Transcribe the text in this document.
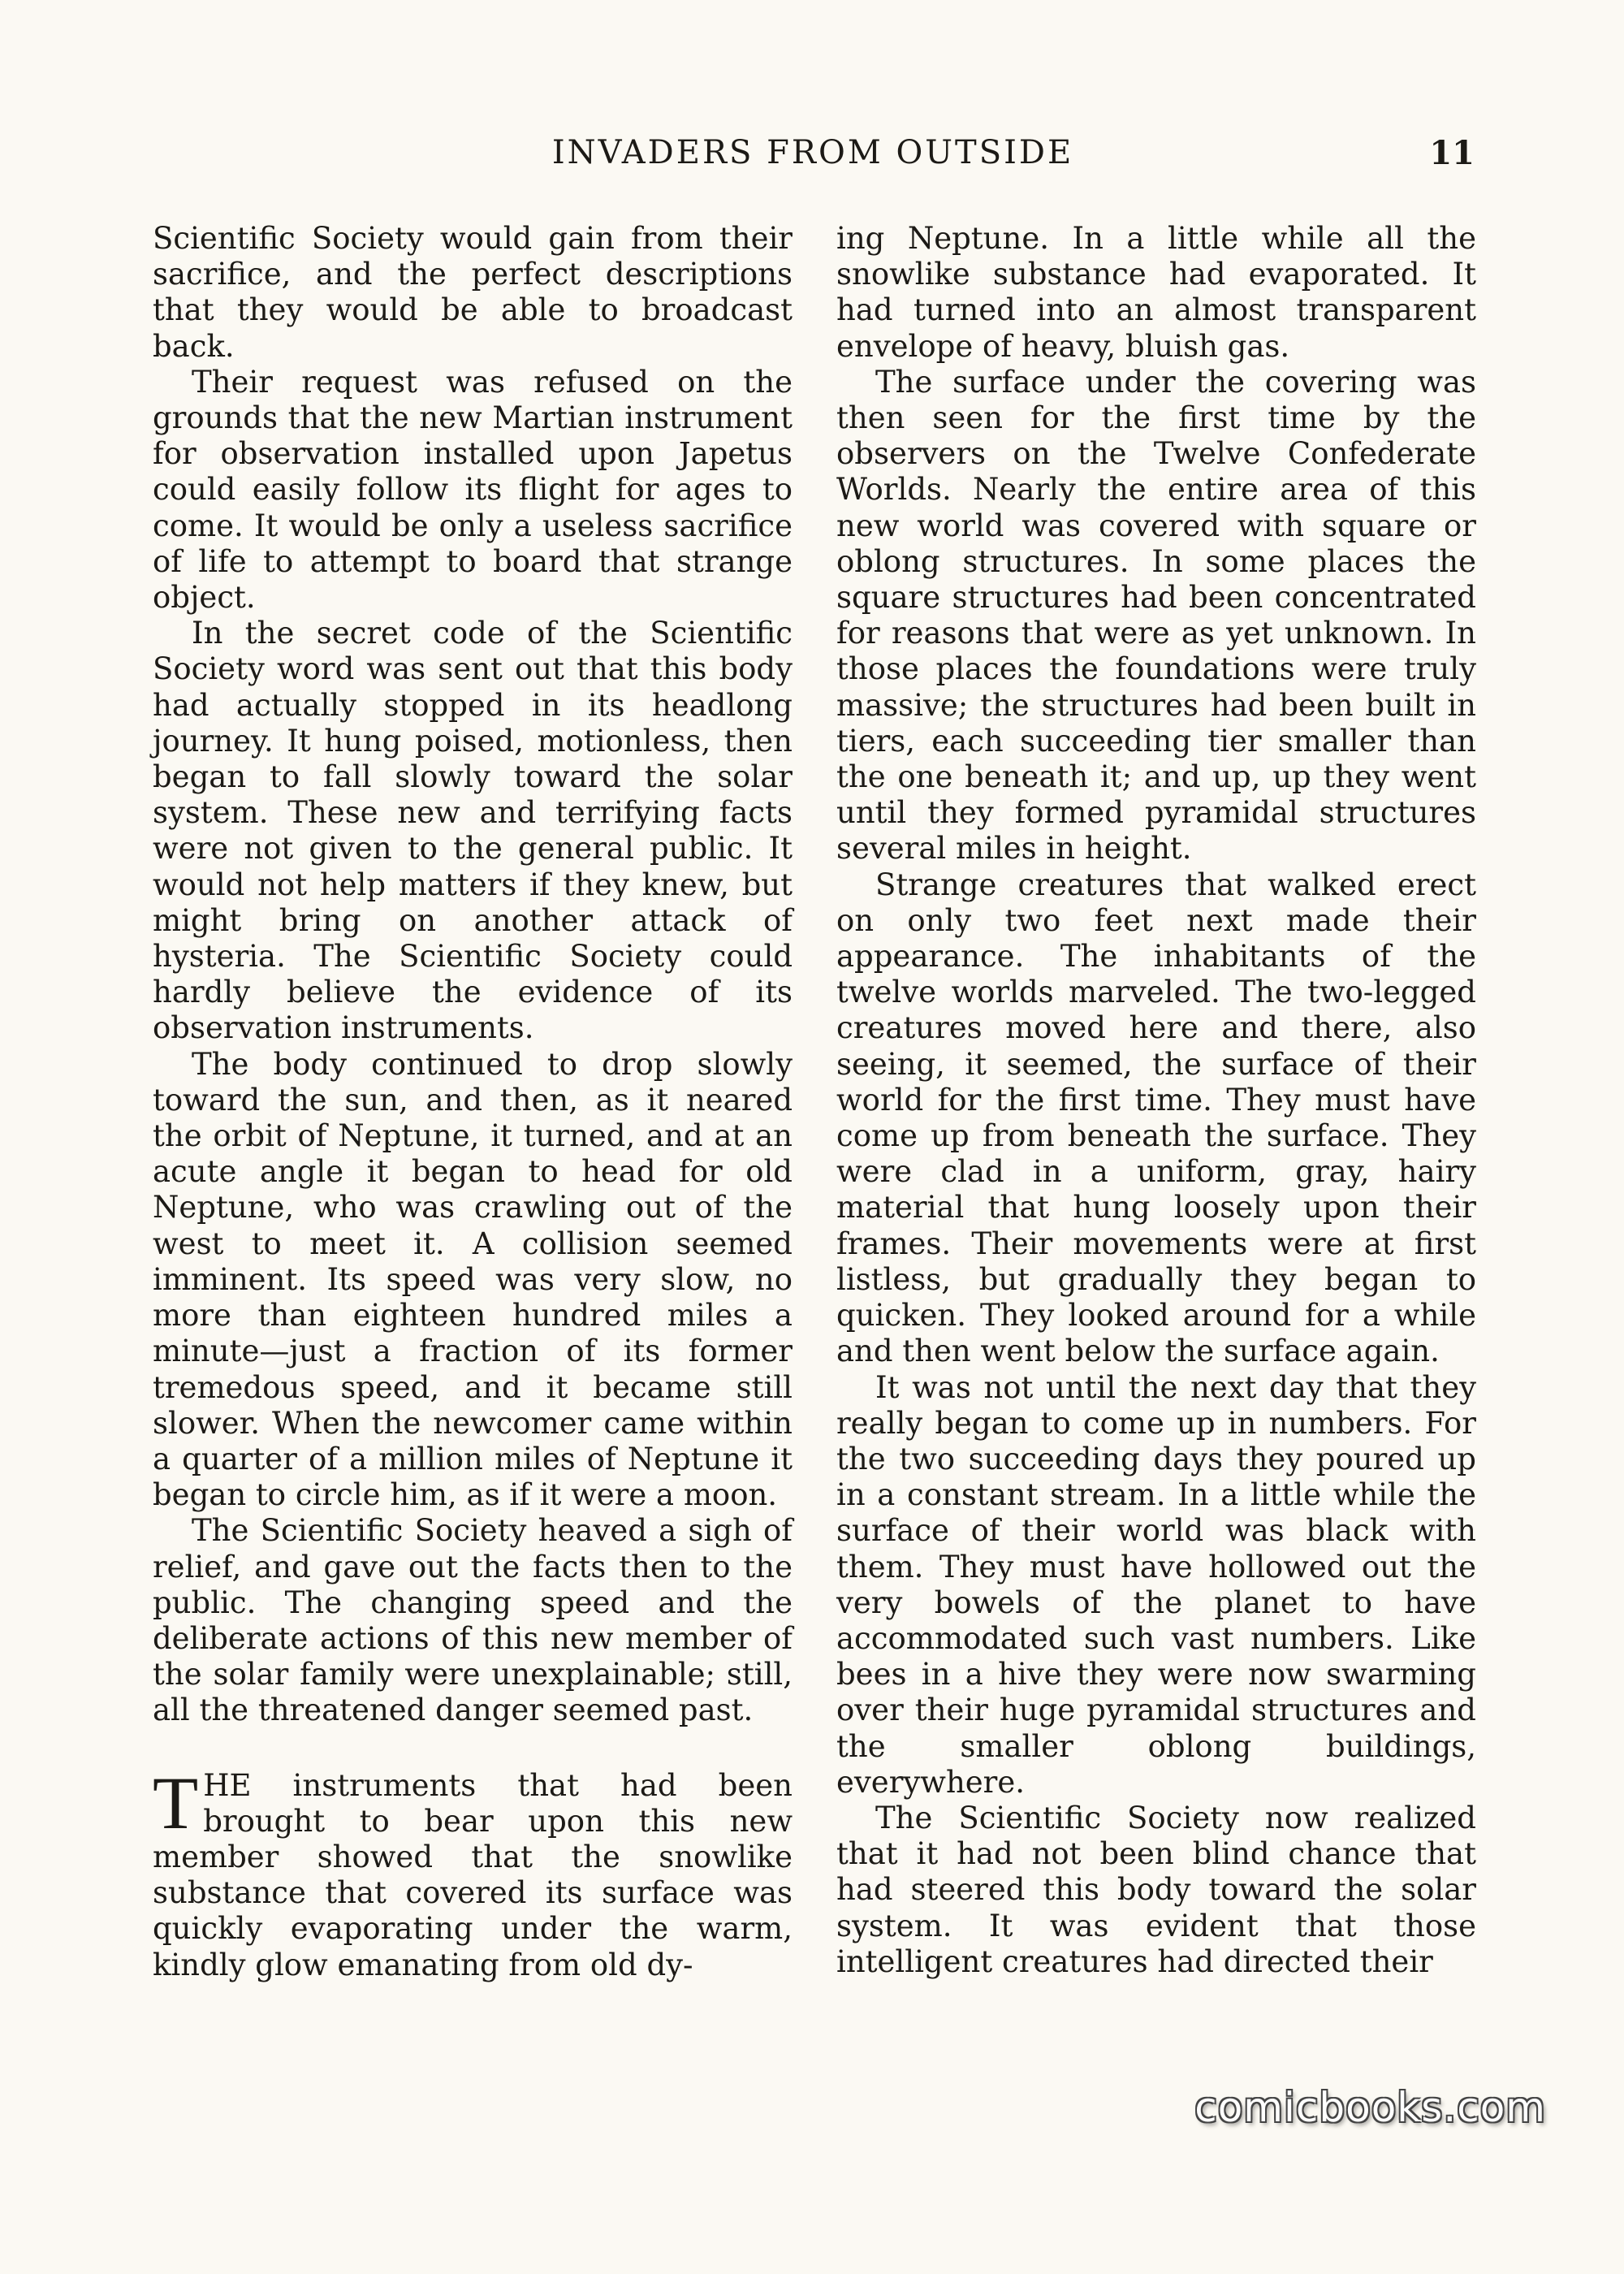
INVADERS FROM OUTSIDE	11

Scientific Society would gain from their sacrifice, and the perfect descriptions that they would be able to broadcast back.

Their request was refused on the grounds that the new Martian instrument for observation installed upon Japetus could easily follow its flight for ages to come. It would be only a useless sacrifice of life to attempt to board that strange object.

In the secret code of the Scientific Society word was sent out that this body had actually stopped in its headlong journey. It hung poised, motionless, then began to fall slowly toward the solar system. These new and terrifying facts were not given to the general public. It would not help matters if they knew, but might bring on another attack of hysteria. The Scientific Society could hardly believe the evidence of its observation instruments.

The body continued to drop slowly toward the sun, and then, as it neared the orbit of Neptune, it turned, and at an acute angle it began to head for old Neptune, who was crawling out of the west to meet it. A collision seemed imminent. Its speed was very slow, no more than eighteen hundred miles a minute—just a fraction of its former tremedous speed, and it became still slower. When the newcomer came within a quarter of a million miles of Neptune it began to circle him, as if it were a moon.

The Scientific Society heaved a sigh of relief, and gave out the facts then to the public. The changing speed and the deliberate actions of this new member of the solar family were unexplainable; still, all the threatened danger seemed past.

THE instruments that had been brought to bear upon this new member showed that the snowlike substance that covered its surface was quickly evaporating under the warm, kindly glow emanating from old dy-

ing Neptune. In a little while all the snowlike substance had evaporated. It had turned into an almost transparent envelope of heavy, bluish gas.

The surface under the covering was then seen for the first time by the observers on the Twelve Confederate Worlds. Nearly the entire area of this new world was covered with square or oblong structures. In some places the square structures had been concentrated for reasons that were as yet unknown. In those places the foundations were truly massive; the structures had been built in tiers, each succeeding tier smaller than the one beneath it; and up, up they went until they formed pyramidal structures several miles in height.

Strange creatures that walked erect on only two feet next made their appearance. The inhabitants of the twelve worlds marveled. The two-legged creatures moved here and there, also seeing, it seemed, the surface of their world for the first time. They must have come up from beneath the surface. They were clad in a uniform, gray, hairy material that hung loosely upon their frames. Their movements were at first listless, but gradually they began to quicken. They looked around for a while and then went below the surface again.

It was not until the next day that they really began to come up in numbers. For the two succeeding days they poured up in a constant stream. In a little while the surface of their world was black with them. They must have hollowed out the very bowels of the planet to have accommodated such vast numbers. Like bees in a hive they were now swarming over their huge pyramidal structures and the smaller oblong buildings, everywhere.

The Scientific Society now realized that it had not been blind chance that had steered this body toward the solar system. It was evident that those intelligent creatures had directed their

comicbooks.com
